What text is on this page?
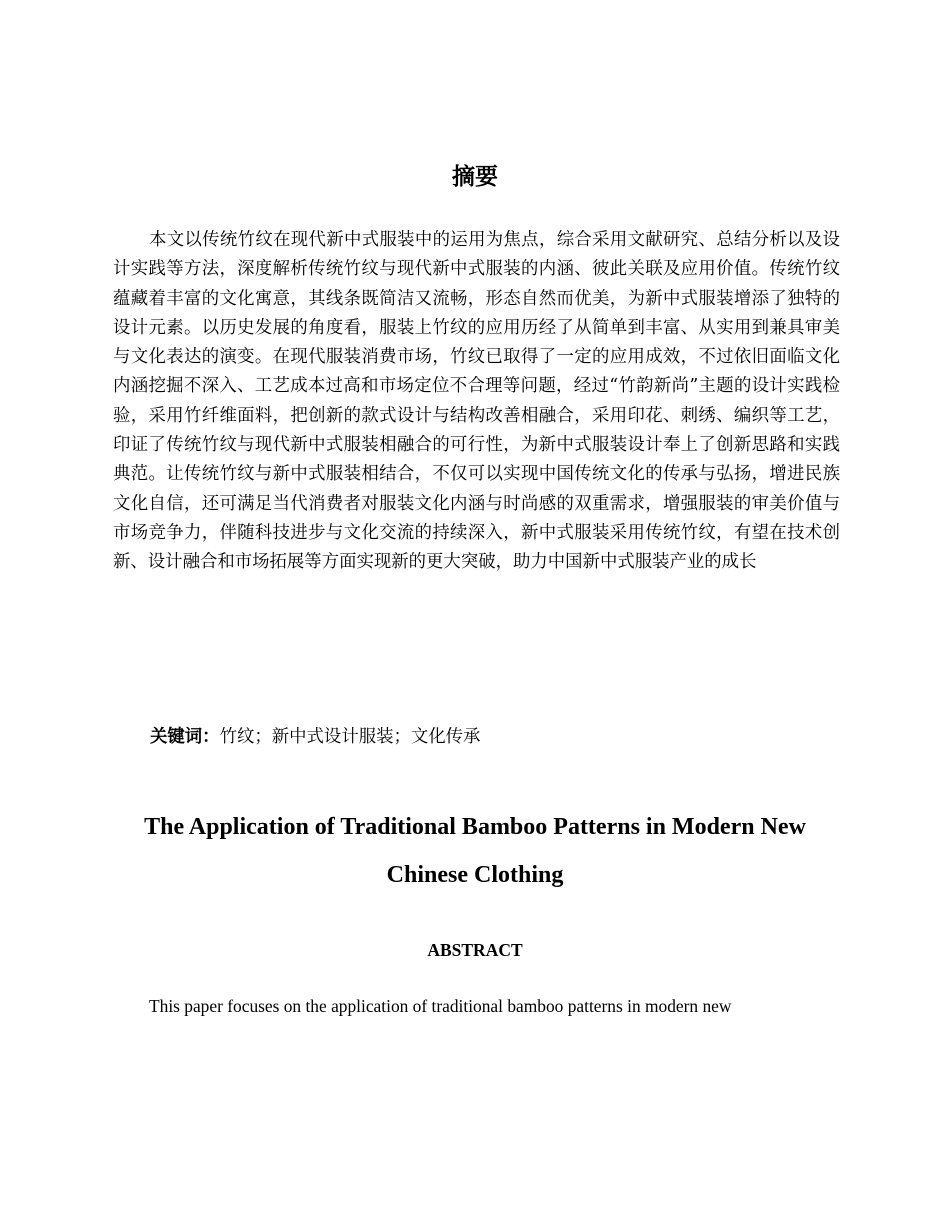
摘要

本文以传统竹纹在现代新中式服装中的运用为焦点，综合采用文献研究、总结分析以及设计实践等方法，深度解析传统竹纹与现代新中式服装的内涵、彼此关联及应用价值。传统竹纹蕴藏着丰富的文化寓意，其线条既简洁又流畅，形态自然而优美，为新中式服装增添了独特的设计元素。以历史发展的角度看，服装上竹纹的应用历经了从简单到丰富、从实用到兼具审美与文化表达的演变。在现代服装消费市场，竹纹已取得了一定的应用成效，不过依旧面临文化内涵挖掘不深入、工艺成本过高和市场定位不合理等问题，经过“竹韵新尚”主题的设计实践检验，采用竹纤维面料，把创新的款式设计与结构改善相融合，采用印花、刺绣、编织等工艺，印证了传统竹纹与现代新中式服装相融合的可行性，为新中式服装设计奉上了创新思路和实践典范。让传统竹纹与新中式服装相结合，不仅可以实现中国传统文化的传承与弘扬，增进民族文化自信，还可满足当代消费者对服装文化内涵与时尚感的双重需求，增强服装的审美价值与市场竞争力，伴随科技进步与文化交流的持续深入，新中式服装采用传统竹纹，有望在技术创新、设计融合和市场拓展等方面实现新的更大突破，助力中国新中式服装产业的成长

关键词：竹纹；新中式设计服装；文化传承

The Application of Traditional Bamboo Patterns in Modern New Chinese Clothing
ABSTRACT

This paper focuses on the application of traditional bamboo patterns in modern new
